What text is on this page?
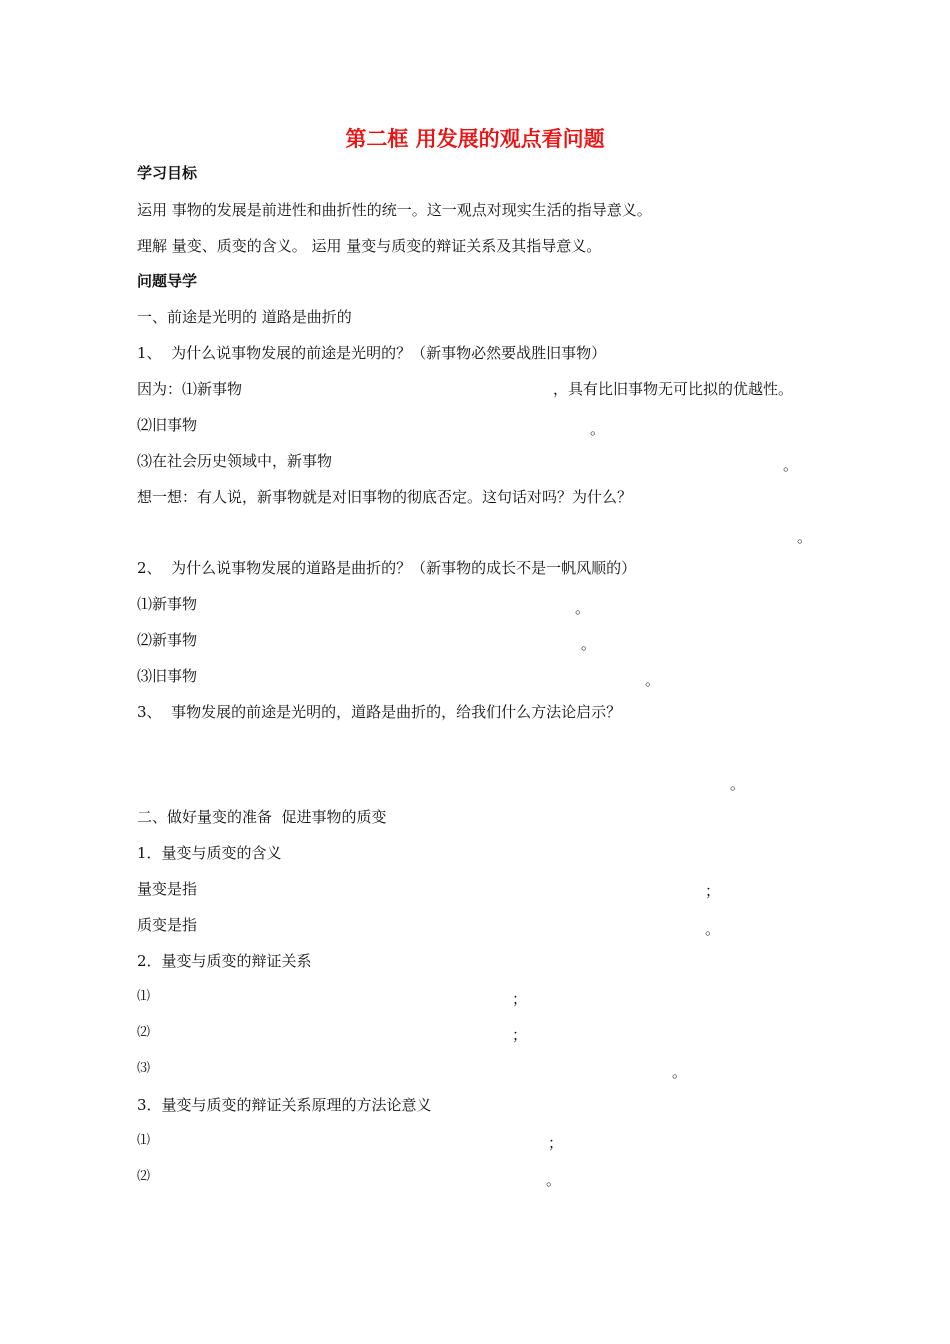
第二框 用发展的观点看问题
学习目标
运用 事物的发展是前进性和曲折性的统一。这一观点对现实生活的指导意义。
理解 量变、质变的含义。 运用 量变与质变的辩证关系及其指导意义。
问题导学
一、前途是光明的 道路是曲折的
1、  为什么说事物发展的前途是光明的？（新事物必然要战胜旧事物）
因为：⑴新事物	，具有比旧事物无可比拟的优越性。
⑵旧事物	。
⑶在社会历史领域中，新事物	。
想一想：有人说，新事物就是对旧事物的彻底否定。这句话对吗？为什么？
。
2、  为什么说事物发展的道路是曲折的？（新事物的成长不是一帆风顺的）
⑴新事物	。
⑵新事物	。
⑶旧事物	。
3、  事物发展的前途是光明的，道路是曲折的，给我们什么方法论启示？
。
二、做好量变的准备  促进事物的质变
1．量变与质变的含义
量变是指	；
质变是指	。
2．量变与质变的辩证关系
⑴	；
⑵	；
⑶	。
3．量变与质变的辩证关系原理的方法论意义
⑴	；
⑵	。
